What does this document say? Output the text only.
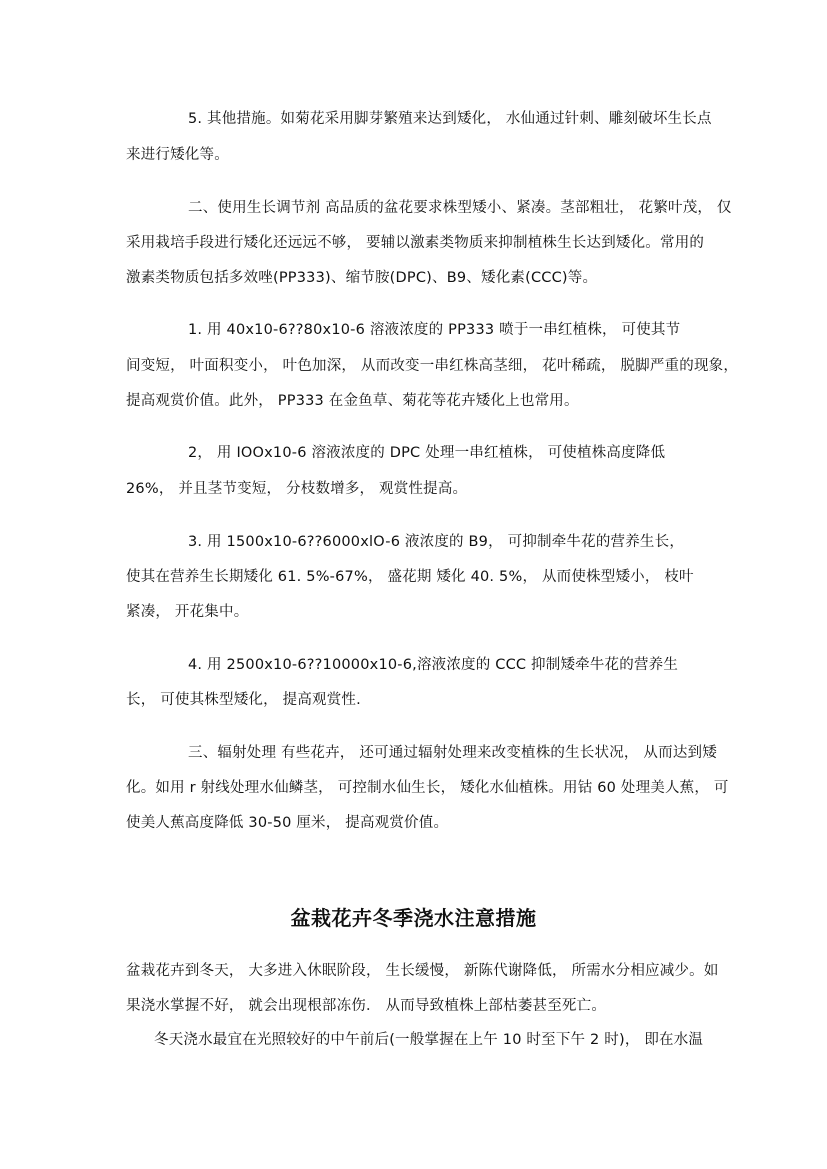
5. 其他措施。如菊花采用脚芽繁殖来达到矮化， 水仙通过针刺、雕刻破坏生长点
来进行矮化等。
二、使用生长调节剂 高品质的盆花要求株型矮小、紧凑。茎部粗壮， 花繁叶茂， 仅
采用栽培手段进行矮化还远远不够， 要辅以激素类物质来抑制植株生长达到矮化。常用的
激素类物质包括多效唑(PP333)、缩节胺(DPC)、B9、矮化素(CCC)等。
1. 用 40x10-6??80x10-6 溶液浓度的 PP333 喷于一串红植株， 可使其节
间变短， 叶面积变小， 叶色加深， 从而改变一串红株高茎细， 花叶稀疏， 脱脚严重的现象，
提高观赏价值。此外， PP333 在金鱼草、菊花等花卉矮化上也常用。
2， 用 IOOx10-6 溶液浓度的 DPC 处理一串红植株， 可使植株高度降低
26%， 并且茎节变短， 分枝数增多， 观赏性提高。
3. 用 1500x10-6??6000xlO-6 液浓度的 B9， 可抑制牵牛花的营养生长，
使其在营养生长期矮化 61. 5%-67%， 盛花期 矮化 40. 5%， 从而使株型矮小， 枝叶
紧凑， 开花集中。
4. 用 2500x10-6??10000x10-6,溶液浓度的 CCC 抑制矮牵牛花的营养生
长， 可使其株型矮化， 提高观赏性.
三、辐射处理 有些花卉， 还可通过辐射处理来改变植株的生长状况， 从而达到矮
化。如用 r 射线处理水仙鳞茎， 可控制水仙生长， 矮化水仙植株。用钴 60 处理美人蕉， 可
使美人蕉高度降低 30-50 厘米， 提高观赏价值。
盆栽花卉冬季浇水注意措施
盆栽花卉到冬天， 大多进入休眠阶段， 生长缓慢， 新陈代谢降低， 所需水分相应减少。如
果浇水掌握不好， 就会出现根部冻伤． 从而导致植株上部枯萎甚至死亡。
冬天浇水最宜在光照较好的中午前后(一般掌握在上午 10 时至下午 2 时)， 即在水温
